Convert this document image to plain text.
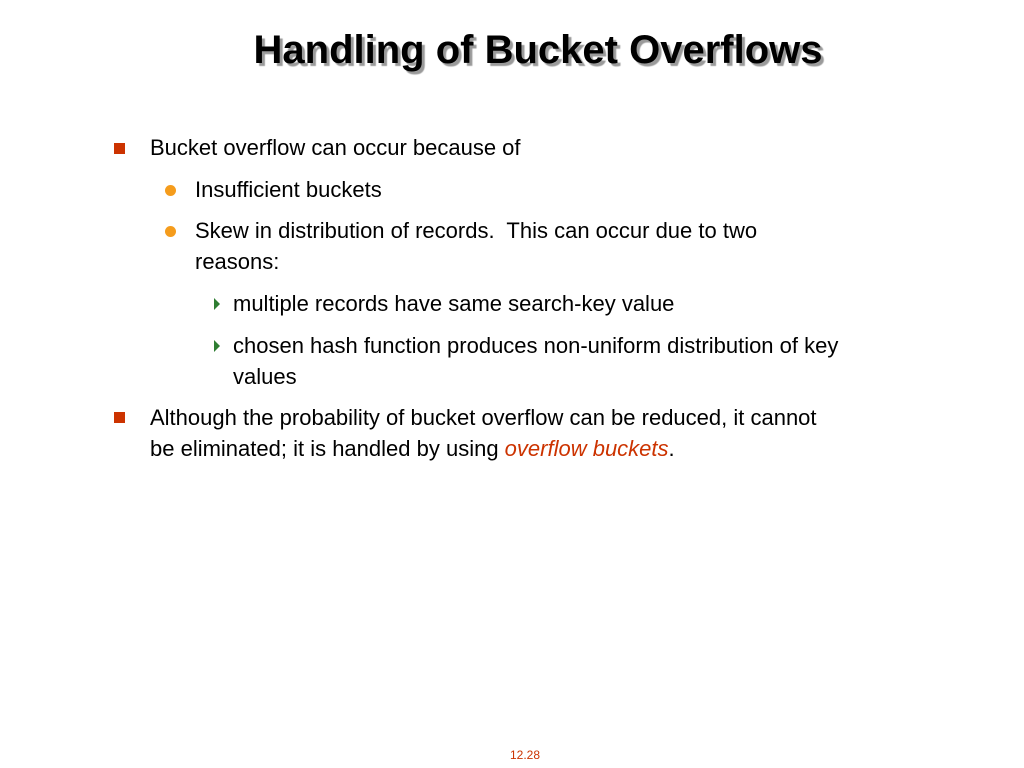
Handling of Bucket Overflows
Bucket overflow can occur because of
Insufficient buckets
Skew in distribution of records.  This can occur due to two
reasons:
multiple records have same search-key value
chosen hash function produces non-uniform distribution of key
values
Although the probability of bucket overflow can be reduced, it cannot
be eliminated; it is handled by using overflow buckets.
12.28
